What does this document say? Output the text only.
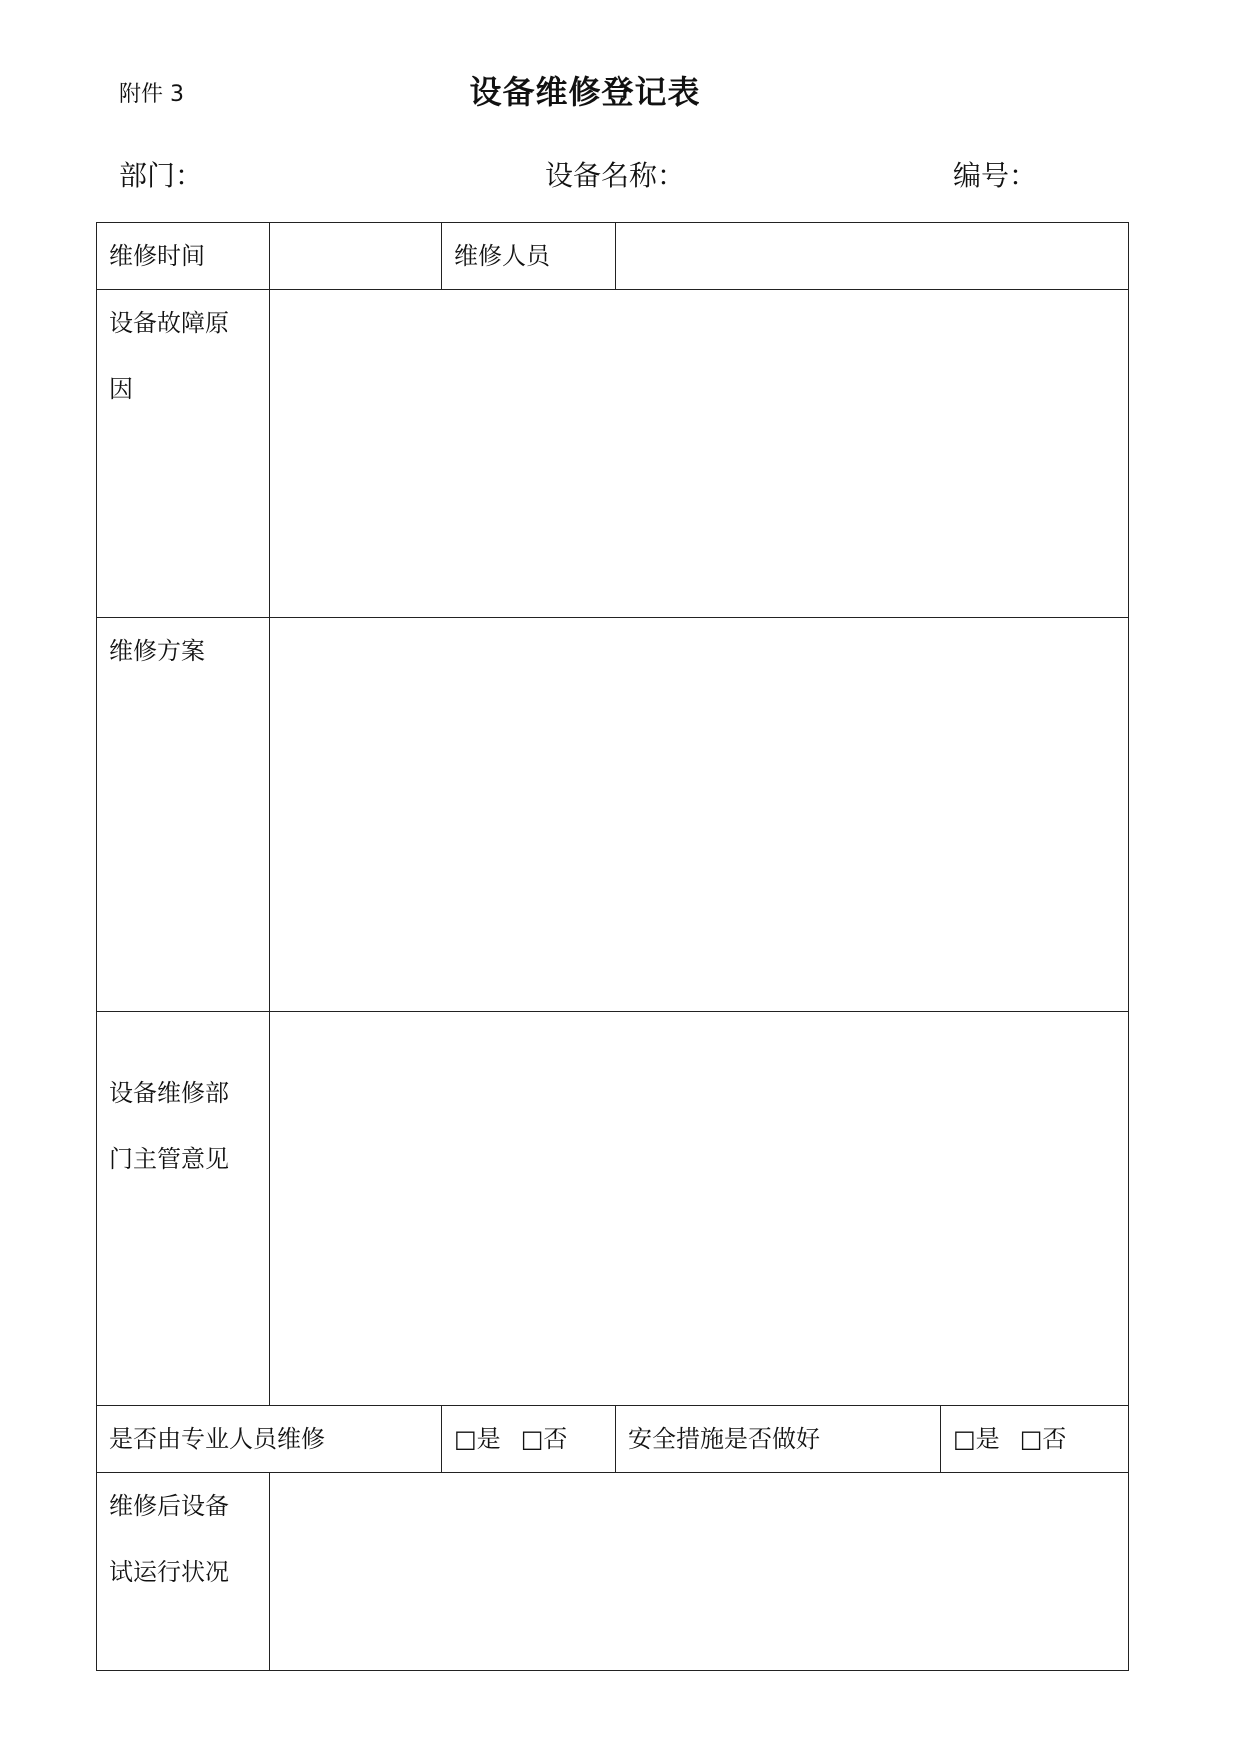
附件 3	设备维修登记表
部门：	设备名称：	编号：
维修时间		维修人员		

设备故障原
因				

维修方案				

设备维修部
门主管意见				

是否由专业人员维修		□是 □否	安全措施是否做好	□是 □否

维修后设备
试运行状况				
